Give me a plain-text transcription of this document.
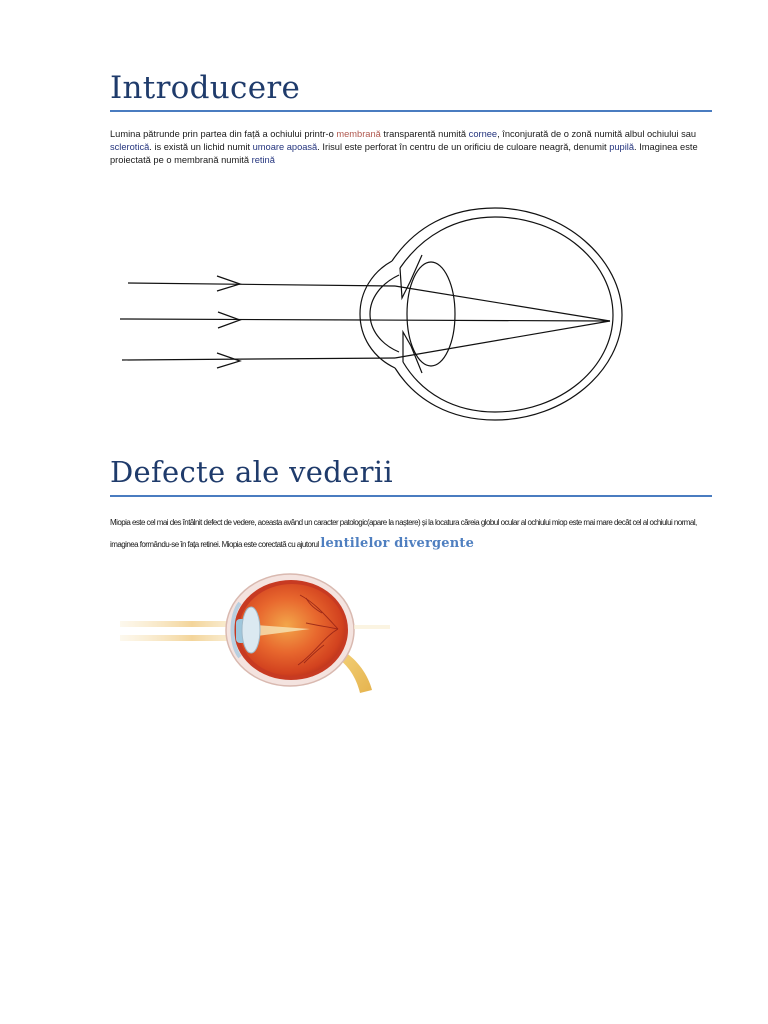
Introducere

Lumina pătrunde prin partea din față a ochiului printr-o membrană transparentă numită cornee, înconjurată de o zonă numită albul ochiului sau sclerotică. is există un lichid numit umoare apoasă. Irisul este perforat în centru de un orificiu de culoare neagră, denumit pupilă. Imaginea este proiectată pe o membrană numită retină

Defecte ale vederii

Miopia este cel mai des întâlnit defect de vedere, aceasta având un caracter patologic(apare la naștere) și la locatura căreia globul ocular al ochiului miop este mai mare decât cel al ochiului normal, imaginea formându-se în fața retinei. Miopia este corectată cu ajutorul lentilelor divergente
